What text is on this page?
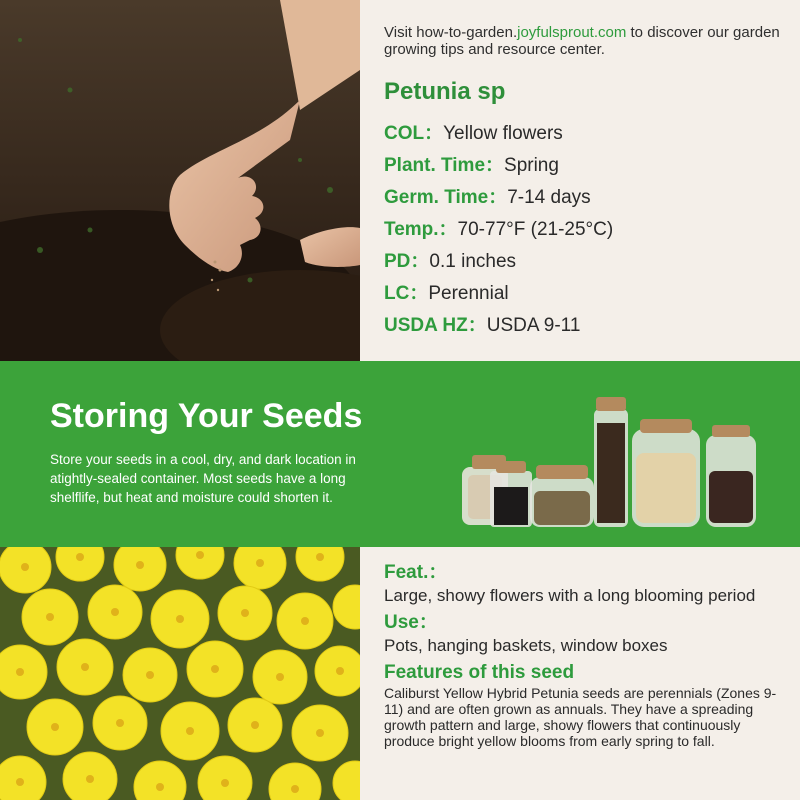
Visit how-to-garden.joyfulsprout.com to discover our garden growing tips and resource center.
Petunia sp
COL：Yellow flowers
Plant. Time：Spring
Germ. Time：7-14 days
Temp.：70-77°F (21-25°C)
PD：0.1 inches
LC：Perennial
USDA HZ：USDA 9-11
Storing Your Seeds
Store your seeds in a cool, dry, and dark location in atightly-sealed container. Most seeds have a long shelflife, but heat and moisture could shorten it.
Feat.：
Large, showy flowers with a long blooming period
Use：
Pots, hanging baskets, window boxes
Features of this seed
Caliburst Yellow Hybrid Petunia seeds are perennials (Zones 9-11) and are often grown as annuals. They have a spreading growth pattern and large, showy flowers that continuously produce bright yellow blooms from early spring to fall.
